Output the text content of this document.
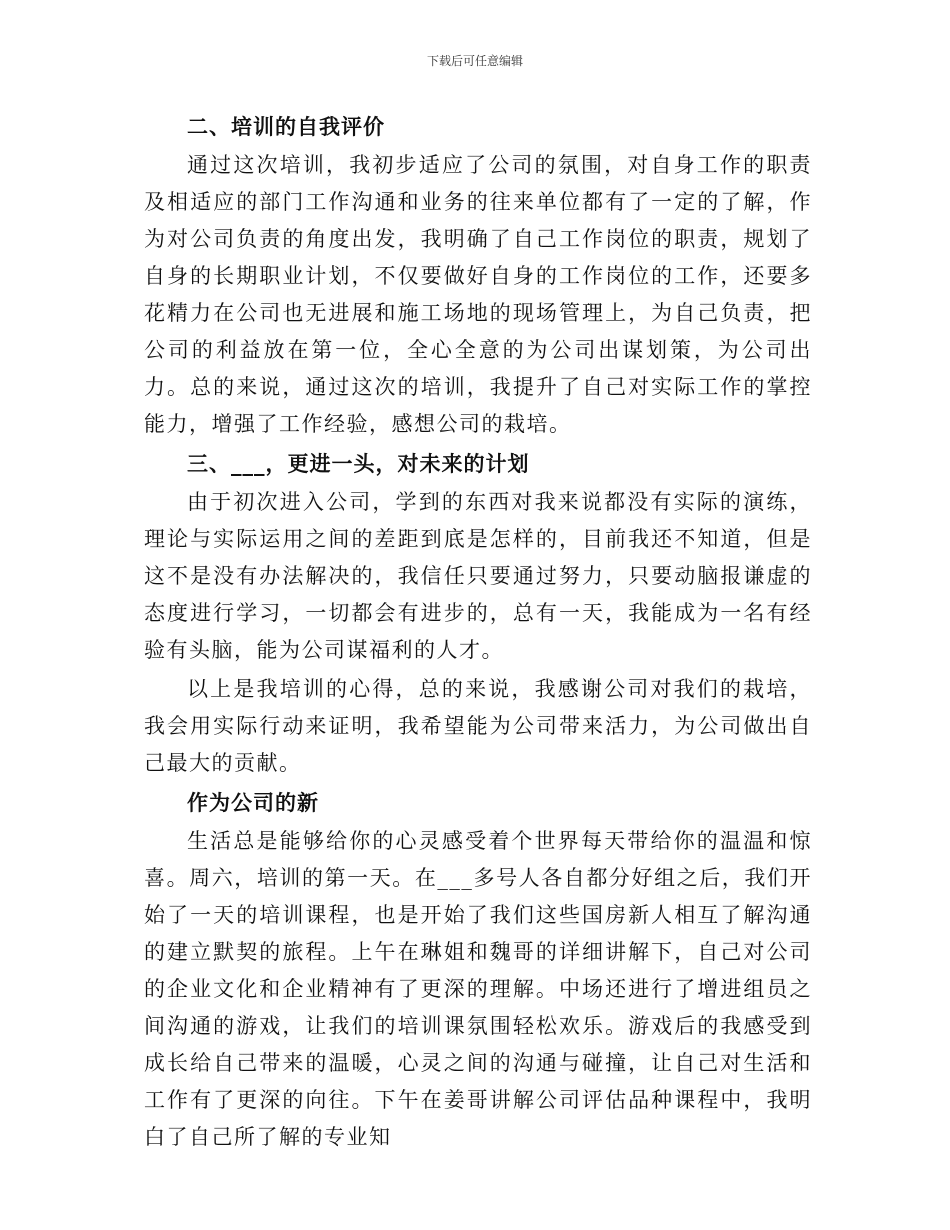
下载后可任意编辑

二、培训的自我评价

通过这次培训，我初步适应了公司的氛围，对自身工作的职责及相适应的部门工作沟通和业务的往来单位都有了一定的了解，作为对公司负责的角度出发，我明确了自己工作岗位的职责，规划了自身的长期职业计划，不仅要做好自身的工作岗位的工作，还要多花精力在公司也无进展和施工场地的现场管理上，为自己负责，把公司的利益放在第一位，全心全意的为公司出谋划策，为公司出力。总的来说，通过这次的培训，我提升了自己对实际工作的掌控能力，增强了工作经验，感想公司的栽培。

三、___，更进一头，对未来的计划

由于初次进入公司，学到的东西对我来说都没有实际的演练，理论与实际运用之间的差距到底是怎样的，目前我还不知道，但是这不是没有办法解决的，我信任只要通过努力，只要动脑报谦虚的态度进行学习，一切都会有进步的，总有一天，我能成为一名有经验有头脑，能为公司谋福利的人才。

以上是我培训的心得，总的来说，我感谢公司对我们的栽培，我会用实际行动来证明，我希望能为公司带来活力，为公司做出自己最大的贡献。

作为公司的新

生活总是能够给你的心灵感受着个世界每天带给你的温温和惊喜。周六，培训的第一天。在___多号人各自都分好组之后，我们开始了一天的培训课程，也是开始了我们这些国房新人相互了解沟通的建立默契的旅程。上午在琳姐和魏哥的详细讲解下，自己对公司的企业文化和企业精神有了更深的理解。中场还进行了增进组员之间沟通的游戏，让我们的培训课氛围轻松欢乐。游戏后的我感受到成长给自己带来的温暖，心灵之间的沟通与碰撞，让自己对生活和工作有了更深的向往。下午在姜哥讲解公司评估品种课程中，我明白了自己所了解的专业知
